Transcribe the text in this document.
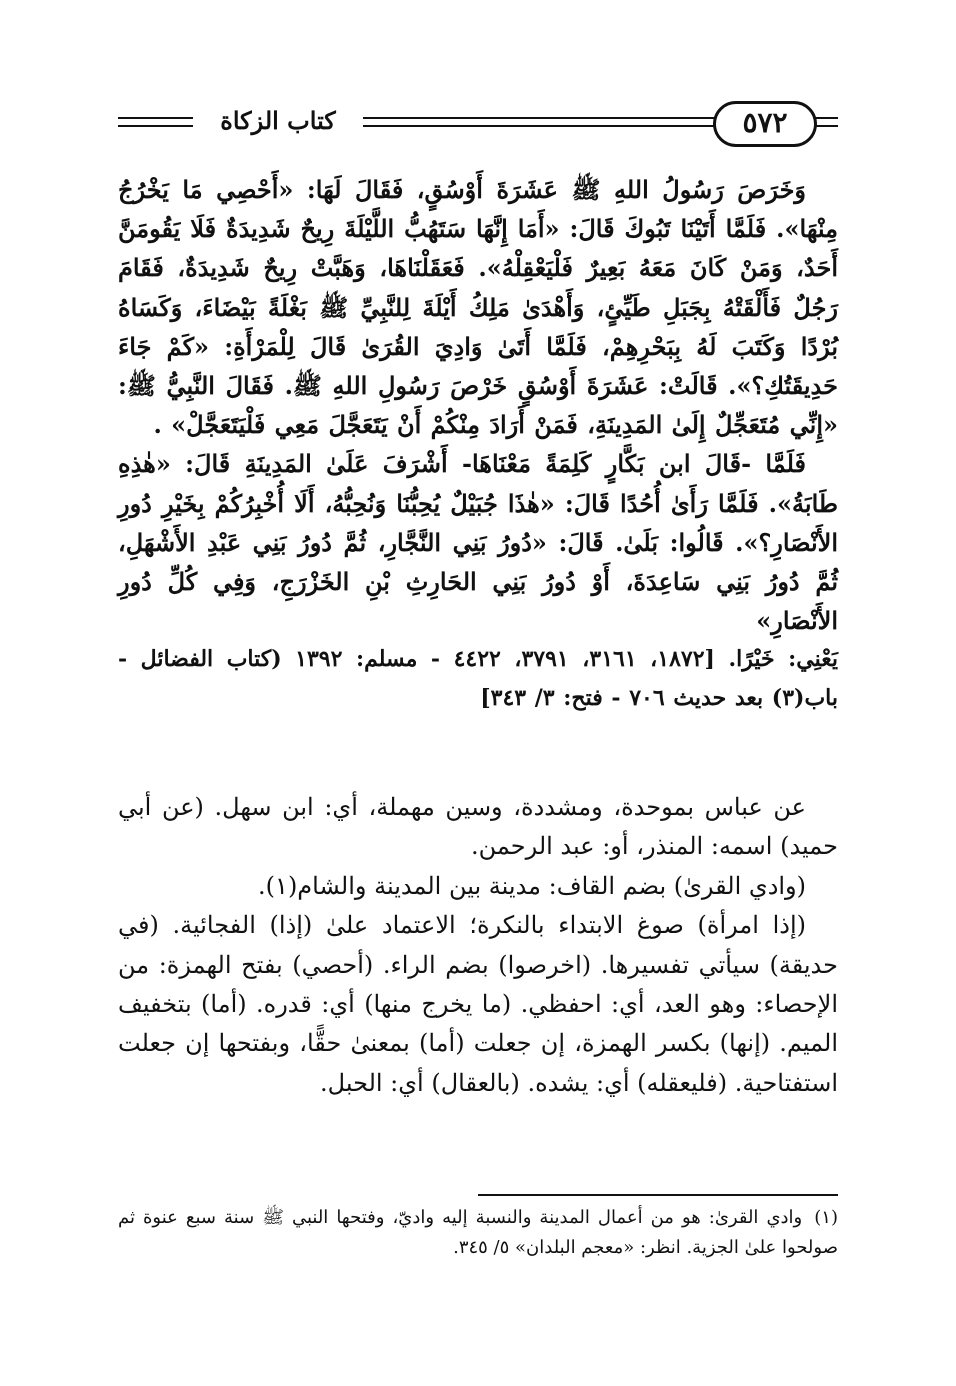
كتاب الزكاة	٥٧٢

وَخَرَصَ رَسُولُ اللهِ ﷺ عَشَرَةَ أَوْسُقٍ، فَقَالَ لَهَا: «أَحْصِي مَا يَخْرُجُ مِنْهَا». فَلَمَّا أَتَيْنَا تَبُوكَ قَالَ: «أَمَا إِنَّهَا سَتَهُبُّ اللَّيْلَةَ رِيحٌ شَدِيدَةٌ فَلَا يَقُومَنَّ أَحَدٌ، وَمَنْ كَانَ مَعَهُ بَعِيرٌ فَلْيَعْقِلْهُ». فَعَقَلْنَاهَا، وَهَبَّتْ رِيحٌ شَدِيدَةٌ، فَقَامَ رَجُلٌ فَأَلْقَتْهُ بِجَبَلِ طَيِّئٍ، وَأَهْدَىٰ مَلِكُ أَيْلَةَ لِلنَّبِيِّ ﷺ بَغْلَةً بَيْضَاءَ، وَكَسَاهُ بُرْدًا وَكَتَبَ لَهُ بِبَحْرِهِمْ، فَلَمَّا أَتَىٰ وَادِيَ القُرَىٰ قَالَ لِلْمَرْأَةِ: «كَمْ جَاءَ حَدِيقَتُكِ؟». قَالَتْ: عَشَرَةَ أَوْسُقٍ خَرْصَ رَسُولِ اللهِ ﷺ. فَقَالَ النَّبِيُّ ﷺ: «إِنِّي مُتَعَجِّلٌ إِلَىٰ المَدِينَةِ، فَمَنْ أَرَادَ مِنْكُمْ أَنْ يَتَعَجَّلَ مَعِي فَلْيَتَعَجَّلْ» .

فَلَمَّا -قَالَ ابن بَكَّارٍ كَلِمَةً مَعْنَاهَا- أَشْرَفَ عَلَىٰ المَدِينَةِ قَالَ: «هٰذِهِ طَابَةُ». فَلَمَّا رَأَىٰ أُحُدًا قَالَ: «هٰذَا جُبَيْلٌ يُحِبُّنَا وَنُحِبُّهُ، أَلَا أُخْبِرُكُمْ بِخَيْرِ دُورِ الأَنْصَارِ؟». قَالُوا: بَلَىٰ. قَالَ: «دُورُ بَنِي النَّجَّارِ، ثُمَّ دُورُ بَنِي عَبْدِ الأَشْهَلِ، ثُمَّ دُورُ بَنِي سَاعِدَةَ، أَوْ دُورُ بَنِي الحَارِثِ بْنِ الخَزْرَجِ، وَفِي كُلِّ دُورِ الأَنْصَارِ»

يَعْنِي: خَيْرًا. [١٨٧٢، ٣١٦١، ٣٧٩١، ٤٤٢٢ - مسلم: ١٣٩٢ (كتاب الفضائل - باب(٣) بعد حديث ٧٠٦ - فتح: ٣/ ٣٤٣]

عن عباس بموحدة، ومشددة، وسين مهملة، أي: ابن سهل. (عن أبي حميد) اسمه: المنذر، أو: عبد الرحمن.

(وادي القرىٰ) بضم القاف: مدينة بين المدينة والشام(١).

(إذا امرأة) صوغ الابتداء بالنكرة؛ الاعتماد علىٰ (إذا) الفجائية. (في حديقة) سيأتي تفسيرها. (اخرصوا) بضم الراء. (أحصي) بفتح الهمزة: من الإحصاء: وهو العد، أي: احفظي. (ما يخرج منها) أي: قدره. (أما) بتخفيف الميم. (إنها) بكسر الهمزة، إن جعلت (أما) بمعنىٰ حقًّا، وبفتحها إن جعلت استفتاحية. (فليعقله) أي: يشده. (بالعقال) أي: الحبل.

(١) وادي القرىٰ: هو من أعمال المدينة والنسبة إليه واديّ، وفتحها النبي ﷺ سنة سبع عنوة ثم صولحوا علىٰ الجزية. انظر: «معجم البلدان» ٥/ ٣٤٥.
